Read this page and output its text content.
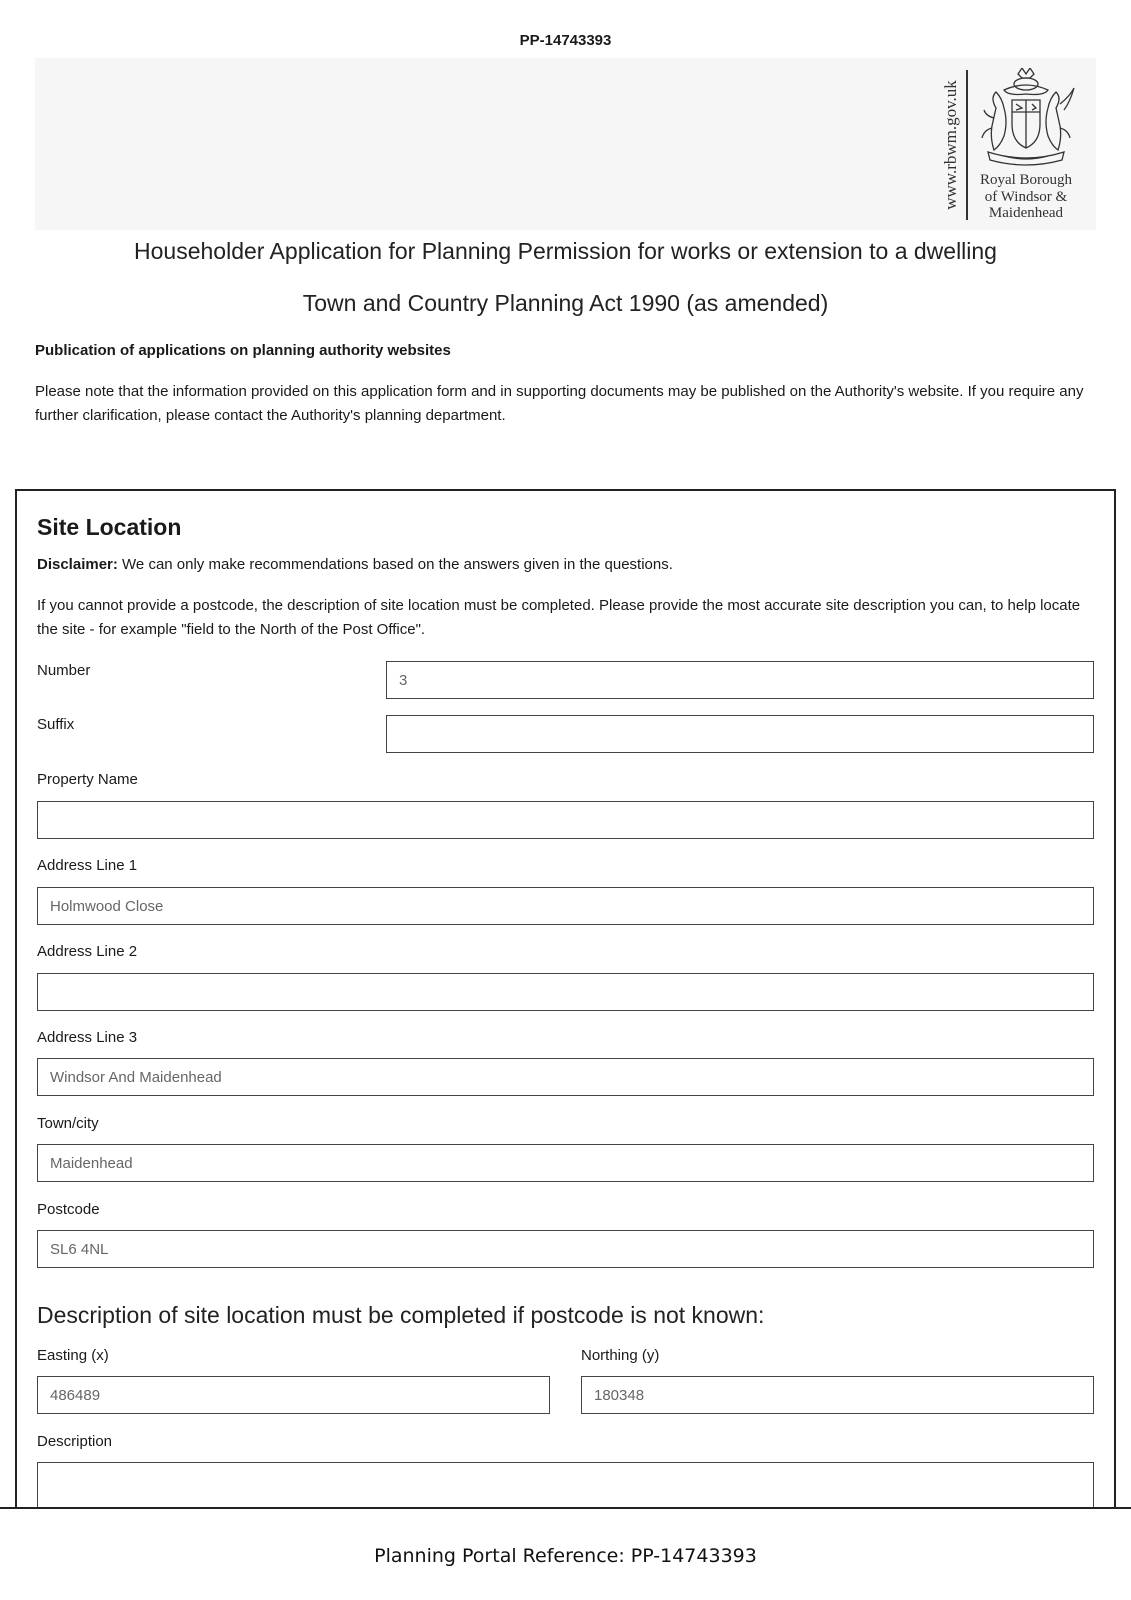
PP-14743393
www.rbwm.gov.uk	Royal Borough
of Windsor &
Maidenhead
Householder Application for Planning Permission for works or extension to a dwelling
Town and Country Planning Act 1990 (as amended)
Publication of applications on planning authority websites
Please note that the information provided on this application form and in supporting documents may be published on the Authority's website. If you require any further clarification, please contact the Authority's planning department.
Site Location
Disclaimer: We can only make recommendations based on the answers given in the questions.
If you cannot provide a postcode, the description of site location must be completed. Please provide the most accurate site description you can, to help locate the site - for example "field to the North of the Post Office".
Number
3
Suffix
Property Name
Address Line 1
Holmwood Close
Address Line 2
Address Line 3
Windsor And Maidenhead
Town/city
Maidenhead
Postcode
SL6 4NL
Description of site location must be completed if postcode is not known:
Easting (x)
486489
Northing (y)
180348
Description
Planning Portal Reference: PP-14743393
